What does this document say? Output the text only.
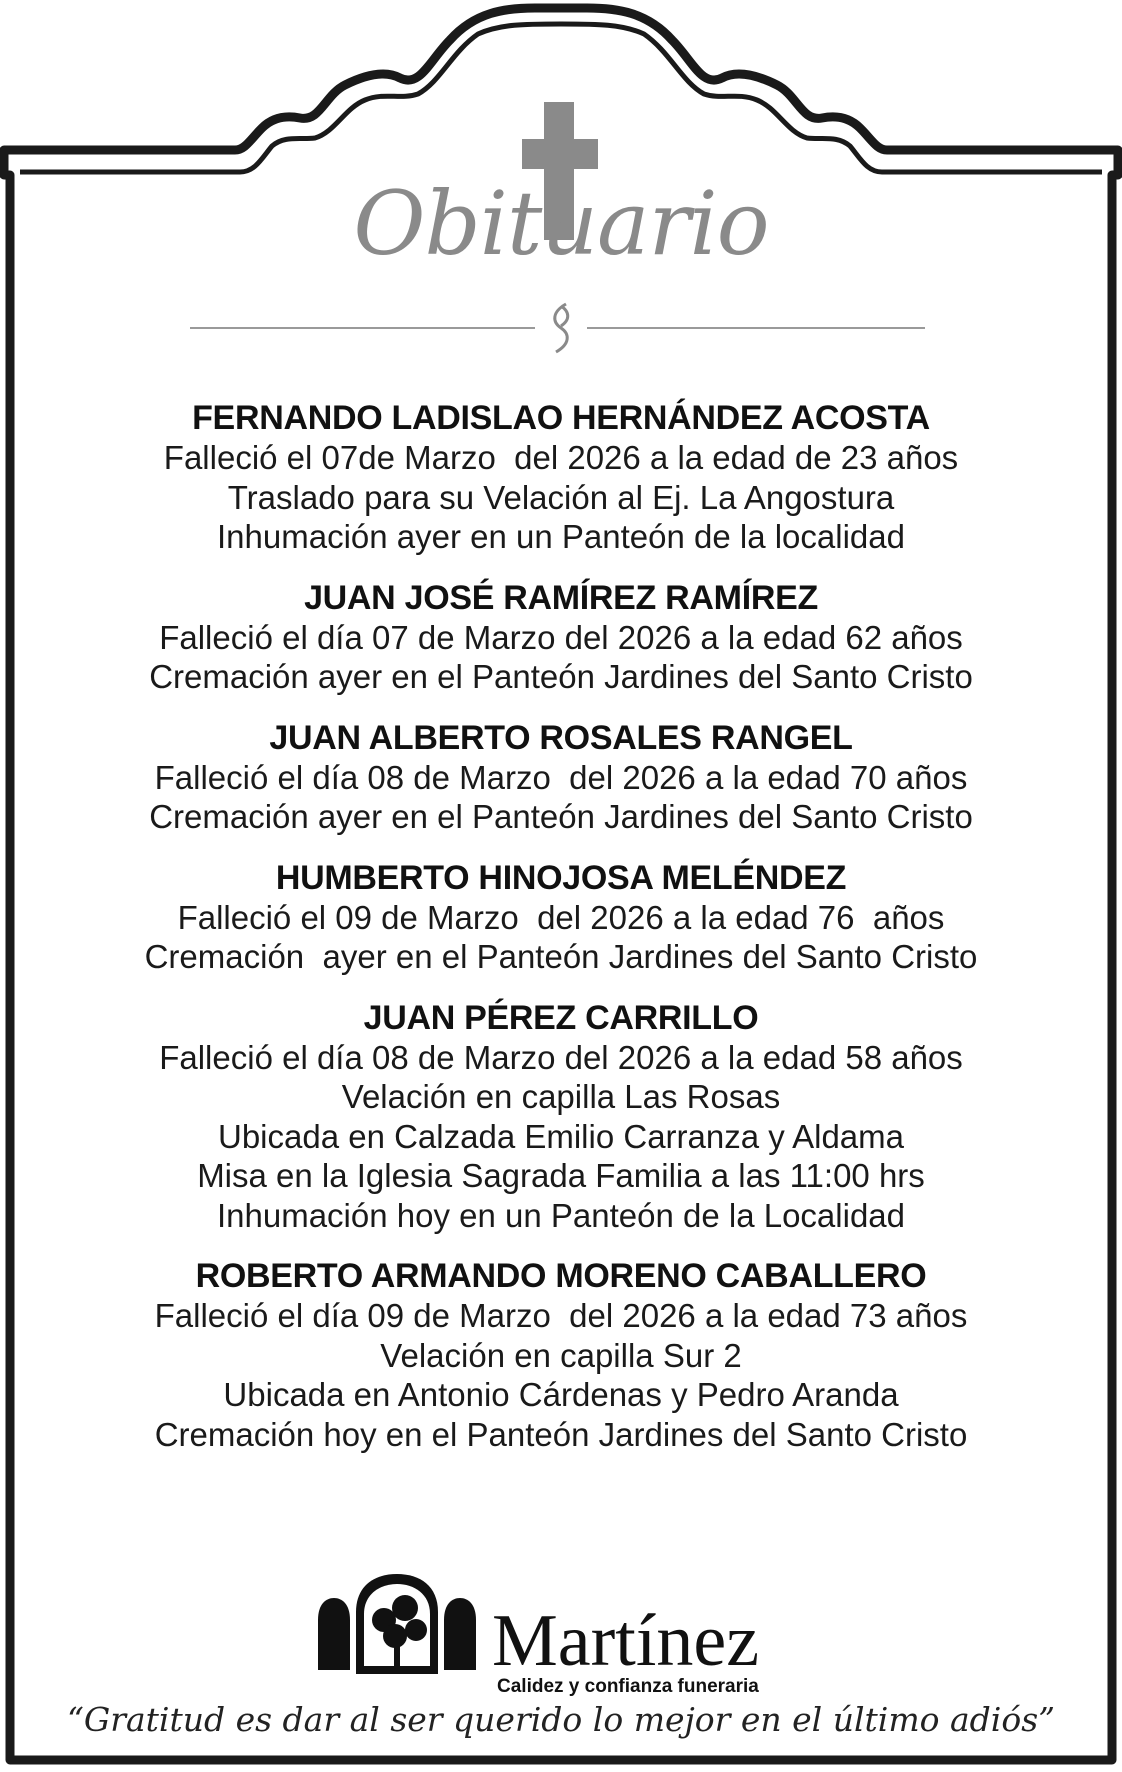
Obituario
FERNANDO LADISLAO HERNÁNDEZ ACOSTA
Falleció el 07de Marzo  del 2026 a la edad de 23 años
Traslado para su Velación al Ej. La Angostura
Inhumación ayer en un Panteón de la localidad
JUAN JOSÉ RAMÍREZ RAMÍREZ
Falleció el día 07 de Marzo del 2026 a la edad 62 años
Cremación ayer en el Panteón Jardines del Santo Cristo
JUAN ALBERTO ROSALES RANGEL
Falleció el día 08 de Marzo  del 2026 a la edad 70 años
Cremación ayer en el Panteón Jardines del Santo Cristo
HUMBERTO HINOJOSA MELÉNDEZ
Falleció el 09 de Marzo  del 2026 a la edad 76  años
Cremación  ayer en el Panteón Jardines del Santo Cristo
JUAN PÉREZ CARRILLO
Falleció el día 08 de Marzo del 2026 a la edad 58 años
Velación en capilla Las Rosas
Ubicada en Calzada Emilio Carranza y Aldama
Misa en la Iglesia Sagrada Familia a las 11:00 hrs
Inhumación hoy en un Panteón de la Localidad
ROBERTO ARMANDO MORENO CABALLERO
Falleció el día 09 de Marzo  del 2026 a la edad 73 años
Velación en capilla Sur 2
Ubicada en Antonio Cárdenas y Pedro Aranda
Cremación hoy en el Panteón Jardines del Santo Cristo
Martínez
Calidez y confianza funeraria
“Gratitud es dar al ser querido lo mejor en el último adiós”
